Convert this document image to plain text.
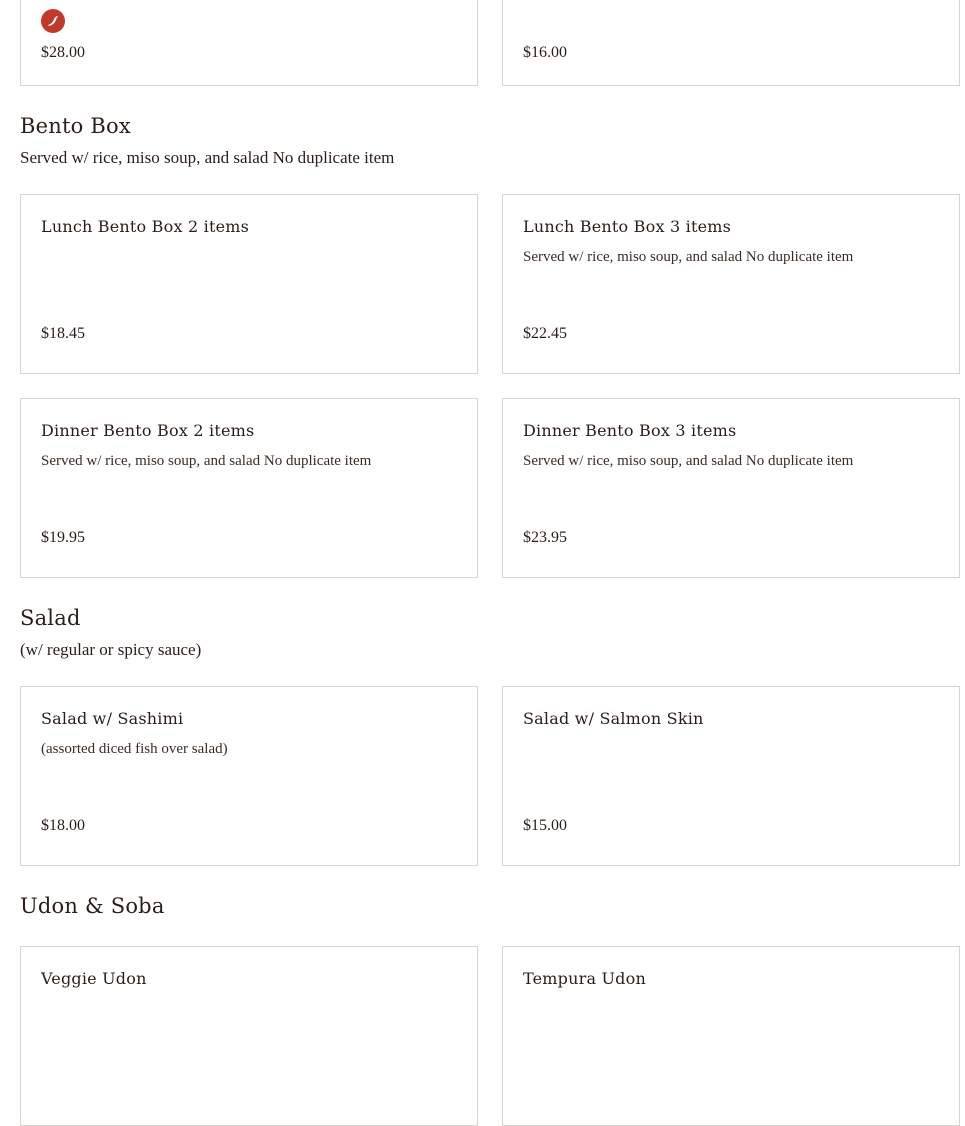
$28.00	$16.00
Bento Box
Served w/ rice, miso soup, and salad No duplicate item
Lunch Bento Box 2 items
$18.45
Lunch Bento Box 3 items
Served w/ rice, miso soup, and salad No duplicate item
$22.45
Dinner Bento Box 2 items
Served w/ rice, miso soup, and salad No duplicate item
$19.95
Dinner Bento Box 3 items
Served w/ rice, miso soup, and salad No duplicate item
$23.95
Salad
(w/ regular or spicy sauce)
Salad w/ Sashimi
(assorted diced fish over salad)
$18.00
Salad w/ Salmon Skin
$15.00
Udon & Soba
Veggie Udon	Tempura Udon
